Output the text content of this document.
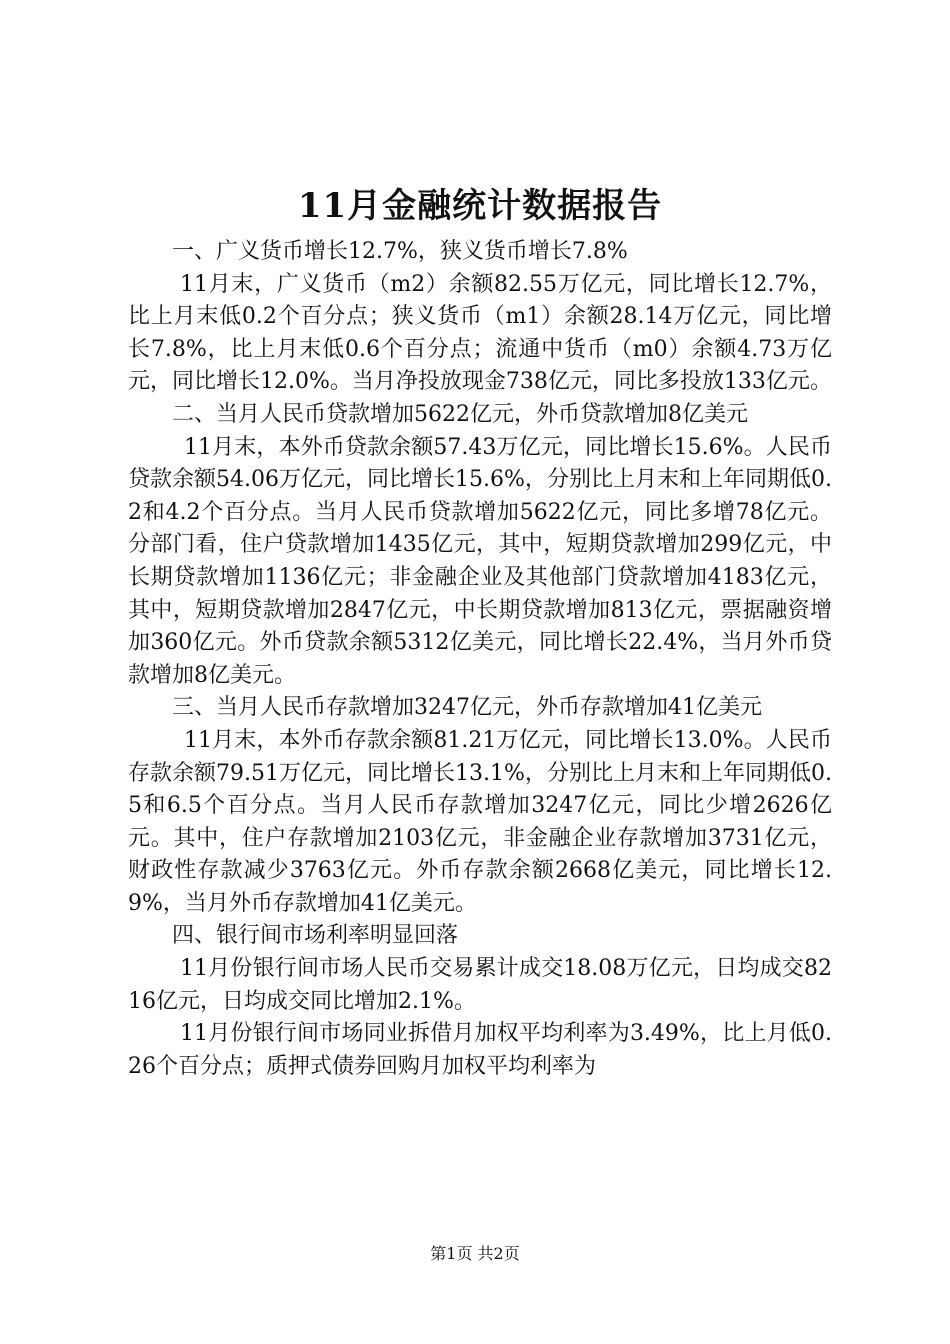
11月金融统计数据报告

一、广义货币增长12.7%，狭义货币增长7.8%

11月末，广义货币（m2）余额82.55万亿元，同比增长12.7%，比上月末低0.2个百分点；狭义货币（m1）余额28.14万亿元，同比增长7.8%，比上月末低0.6个百分点；流通中货币（m0）余额4.73万亿元，同比增长12.0%。当月净投放现金738亿元，同比多投放133亿元。

二、当月人民币贷款增加5622亿元，外币贷款增加8亿美元

11月末，本外币贷款余额57.43万亿元，同比增长15.6%。人民币贷款余额54.06万亿元，同比增长15.6%，分别比上月末和上年同期低0.2和4.2个百分点。当月人民币贷款增加5622亿元，同比多增78亿元。分部门看，住户贷款增加1435亿元，其中，短期贷款增加299亿元，中长期贷款增加1136亿元；非金融企业及其他部门贷款增加4183亿元，其中，短期贷款增加2847亿元，中长期贷款增加813亿元，票据融资增加360亿元。外币贷款余额5312亿美元，同比增长22.4%，当月外币贷款增加8亿美元。

三、当月人民币存款增加3247亿元，外币存款增加41亿美元

11月末，本外币存款余额81.21万亿元，同比增长13.0%。人民币存款余额79.51万亿元，同比增长13.1%，分别比上月末和上年同期低0.5和6.5个百分点。当月人民币存款增加3247亿元，同比少增2626亿元。其中，住户存款增加2103亿元，非金融企业存款增加3731亿元，财政性存款减少3763亿元。外币存款余额2668亿美元，同比增长12.9%，当月外币存款增加41亿美元。

四、银行间市场利率明显回落

11月份银行间市场人民币交易累计成交18.08万亿元，日均成交8216亿元，日均成交同比增加2.1%。

11月份银行间市场同业拆借月加权平均利率为3.49%，比上月低0.26个百分点；质押式债券回购月加权平均利率为

第1页 共2页
